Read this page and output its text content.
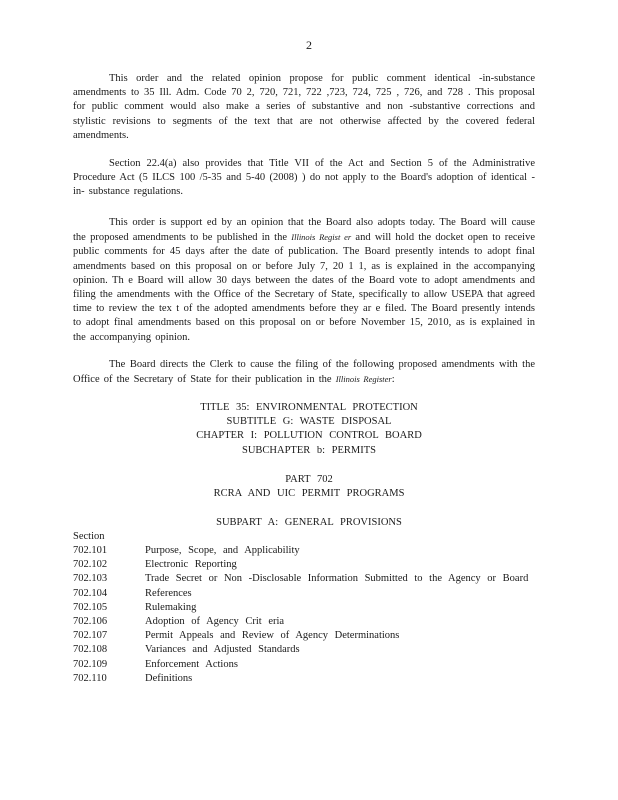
2
This order and the related opinion propose for public comment identical -in-substance amendments to 35 Ill. Adm. Code 70 2, 720, 721, 722 ,723, 724, 725 , 726, and 728 . This proposal for public comment would also make a series of substantive and non -substantive corrections and stylistic revisions to segments of the text that are not otherwise affected by the covered federal amendments.
Section 22.4(a) also provides that Title VII of the Act and Section 5 of the Administrative Procedure Act (5 ILCS 100 /5-35 and 5-40 (2008) ) do not apply to the Board's adoption of identical -in- substance regulations.
This order is support ed by an opinion that the Board also adopts today. The Board will cause the proposed amendments to be published in the Illinois Regist er and will hold the docket open to receive public comments for 45 days after the date of publication. The Board presently intends to adopt final amendments based on this proposal on or before July 7, 20 1 1, as is explained in the accompanying opinion. Th e Board will allow 30 days between the dates of the Board vote to adopt amendments and filing the amendments with the Office of the Secretary of State, specifically to allow USEPA that agreed time to review the tex t of the adopted amendments before they ar e filed. The Board presently intends to adopt final amendments based on this proposal on or before November 15, 2010, as is explained in the accompanying opinion.
The Board directs the Clerk to cause the filing of the following proposed amendments with the Office of the Secretary of State for their publication in the Illinois Register:
TITLE 35: ENVIRONMENTAL PROTECTION
SUBTITLE G: WASTE DISPOSAL
CHAPTER I: POLLUTION CONTROL BOARD
SUBCHAPTER b: PERMITS
PART 702
RCRA AND UIC PERMIT PROGRAMS
SUBPART A: GENERAL PROVISIONS
Section
702.101	Purpose, Scope, and Applicability
702.102	Electronic Reporting
702.103	Trade Secret or Non -Disclosable Information Submitted to the Agency or Board
702.104	References
702.105	Rulemaking
702.106	Adoption of Agency Crit eria
702.107	Permit Appeals and Review of Agency Determinations
702.108	Variances and Adjusted Standards
702.109	Enforcement Actions
702.110	Definitions
